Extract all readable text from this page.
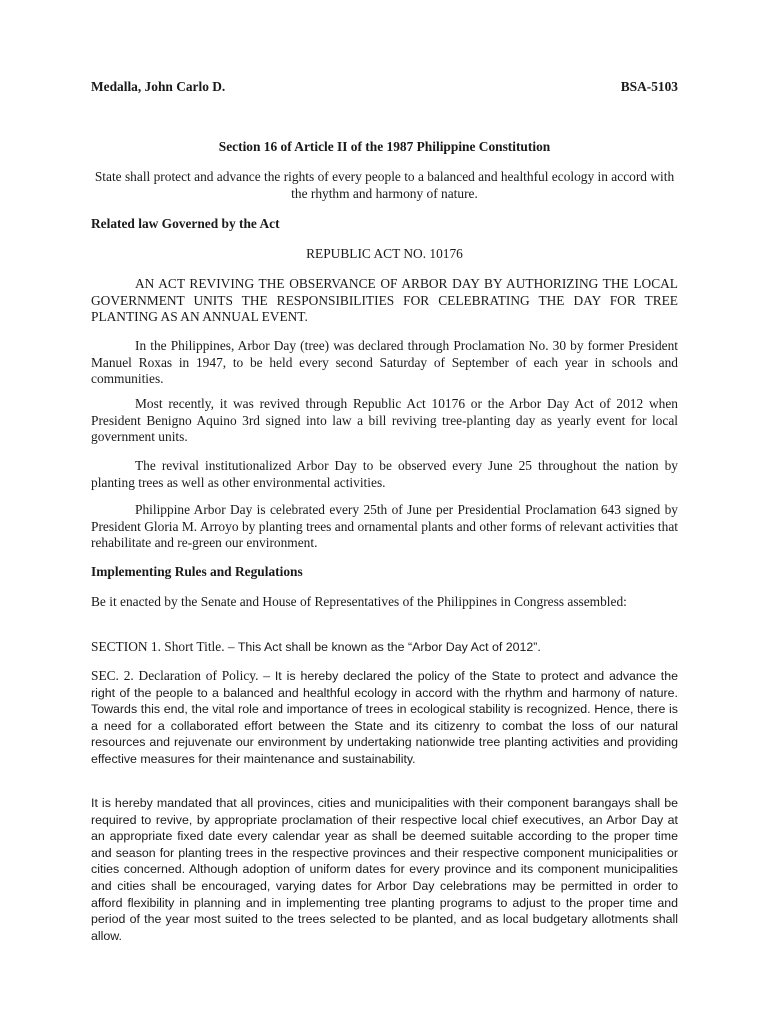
Medalla, John Carlo D.	BSA-5103
Section 16 of Article II of the 1987 Philippine Constitution
State shall protect and advance the rights of every people to a balanced and healthful ecology in accord with the rhythm and harmony of nature.
Related law Governed by the Act
REPUBLIC ACT NO. 10176
AN ACT REVIVING THE OBSERVANCE OF ARBOR DAY BY AUTHORIZING THE LOCAL GOVERNMENT UNITS THE RESPONSIBILITIES FOR CELEBRATING THE DAY FOR TREE PLANTING AS AN ANNUAL EVENT.
In the Philippines, Arbor Day (tree) was declared through Proclamation No. 30 by former President Manuel Roxas in 1947, to be held every second Saturday of September of each year in schools and communities.
Most recently, it was revived through Republic Act 10176 or the Arbor Day Act of 2012 when President Benigno Aquino 3rd signed into law a bill reviving tree-planting day as yearly event for local government units.
The revival institutionalized Arbor Day to be observed every June 25 throughout the nation by planting trees as well as other environmental activities.
Philippine Arbor Day is celebrated every 25th of June per Presidential Proclamation 643 signed by President Gloria M. Arroyo by planting trees and ornamental plants and other forms of relevant activities that rehabilitate and re-green our environment.
Implementing Rules and Regulations
Be it enacted by the Senate and House of Representatives of the Philippines in Congress assembled:
SECTION 1. Short Title. – This Act shall be known as the “Arbor Day Act of 2012”.
SEC. 2. Declaration of Policy. – It is hereby declared the policy of the State to protect and advance the right of the people to a balanced and healthful ecology in accord with the rhythm and harmony of nature. Towards this end, the vital role and importance of trees in ecological stability is recognized. Hence, there is a need for a collaborated effort between the State and its citizenry to combat the loss of our natural resources and rejuvenate our environment by undertaking nationwide tree planting activities and providing effective measures for their maintenance and sustainability.
It is hereby mandated that all provinces, cities and municipalities with their component barangays shall be required to revive, by appropriate proclamation of their respective local chief executives, an Arbor Day at an appropriate fixed date every calendar year as shall be deemed suitable according to the proper time and season for planting trees in the respective provinces and their respective component municipalities or cities concerned. Although adoption of uniform dates for every province and its component municipalities and cities shall be encouraged, varying dates for Arbor Day celebrations may be permitted in order to afford flexibility in planning and in implementing tree planting programs to adjust to the proper time and period of the year most suited to the trees selected to be planted, and as local budgetary allotments shall allow.
